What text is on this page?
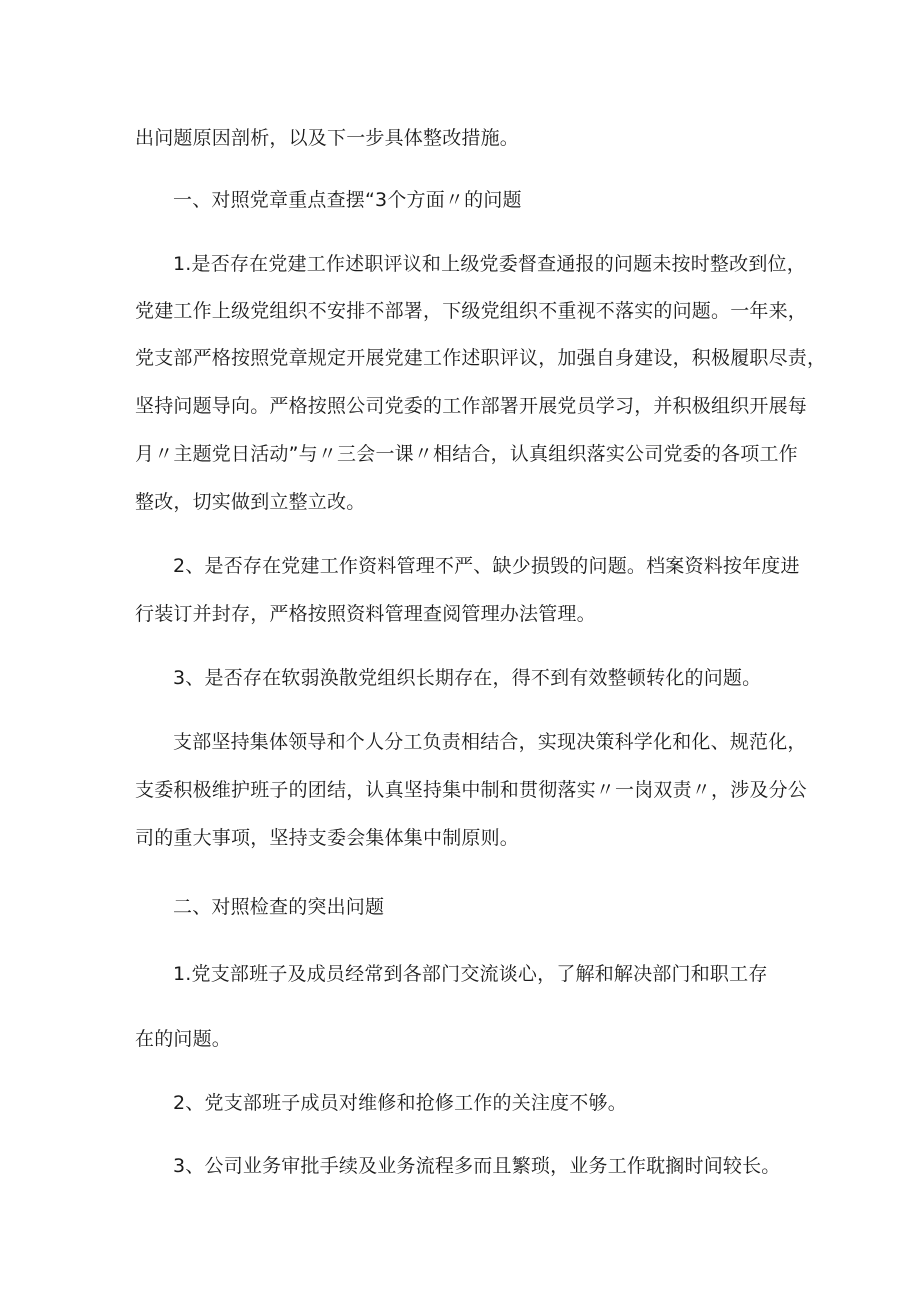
出问题原因剖析，以及下一步具体整改措施。
一、对照党章重点查摆“3个方面〃的问题
1.是否存在党建工作述职评议和上级党委督查通报的问题未按时整改到位，
党建工作上级党组织不安排不部署，下级党组织不重视不落实的问题。一年来，
党支部严格按照党章规定开展党建工作述职评议，加强自身建设，积极履职尽责，
坚持问题导向。严格按照公司党委的工作部署开展党员学习，并积极组织开展每
月〃主题党日活动”与〃三会一课〃相结合，认真组织落实公司党委的各项工作
整改，切实做到立整立改。
2、是否存在党建工作资料管理不严、缺少损毁的问题。档案资料按年度进
行装订并封存，严格按照资料管理查阅管理办法管理。
3、是否存在软弱涣散党组织长期存在，得不到有效整顿转化的问题。
支部坚持集体领导和个人分工负责相结合，实现决策科学化和化、规范化，
支委积极维护班子的团结，认真坚持集中制和贯彻落实〃一岗双责〃，涉及分公
司的重大事项，坚持支委会集体集中制原则。
二、对照检查的突出问题
1.党支部班子及成员经常到各部门交流谈心，了解和解决部门和职工存
在的问题。
2、党支部班子成员对维修和抢修工作的关注度不够。
3、公司业务审批手续及业务流程多而且繁琐，业务工作耽搁时间较长。
